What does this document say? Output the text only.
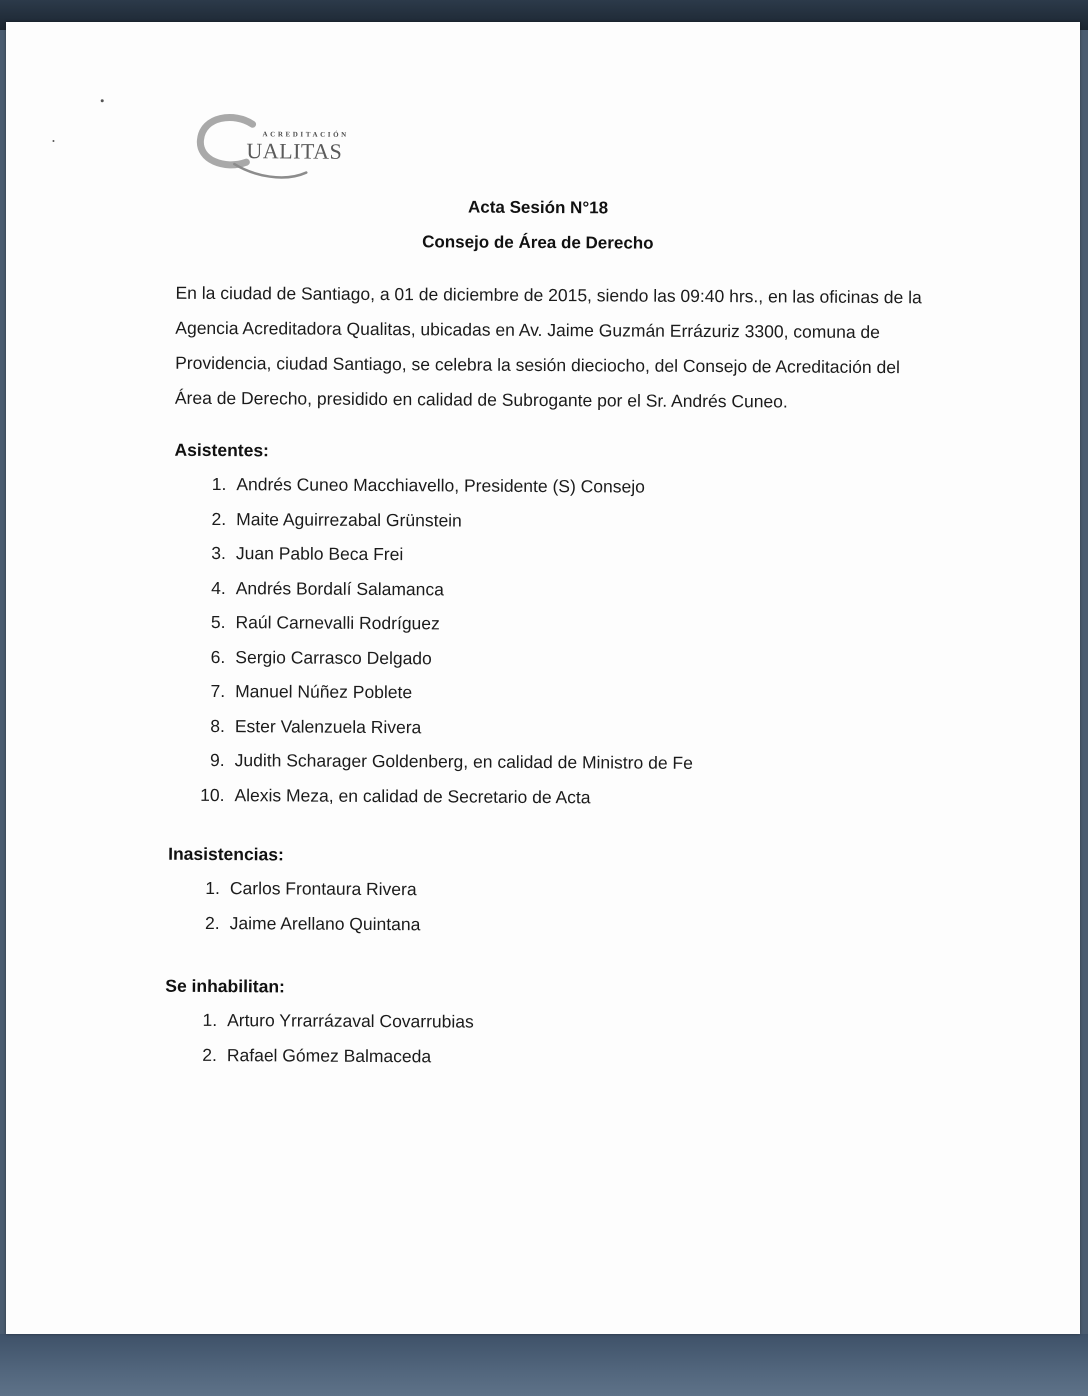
ACREDITACIÓN
UALITAS
Acta Sesión N°18
Consejo de Área de Derecho
En la ciudad de Santiago, a 01 de diciembre de 2015, siendo las 09:40 hrs., en las oficinas de la Agencia Acreditadora Qualitas, ubicadas en Av. Jaime Guzmán Errázuriz 3300, comuna de Providencia, ciudad Santiago, se celebra la sesión dieciocho, del Consejo de Acreditación del Área de Derecho, presidido en calidad de Subrogante por el Sr. Andrés Cuneo.
Asistentes:
1. Andrés Cuneo Macchiavello, Presidente (S) Consejo
2. Maite Aguirrezabal Grünstein
3. Juan Pablo Beca Frei
4. Andrés Bordalí Salamanca
5. Raúl Carnevalli Rodríguez
6. Sergio Carrasco Delgado
7. Manuel Núñez Poblete
8. Ester Valenzuela Rivera
9. Judith Scharager Goldenberg, en calidad de Ministro de Fe
10. Alexis Meza, en calidad de Secretario de Acta
Inasistencias:
1. Carlos Frontaura Rivera
2. Jaime Arellano Quintana
Se inhabilitan:
1. Arturo Yrrarrázaval Covarrubias
2. Rafael Gómez Balmaceda
